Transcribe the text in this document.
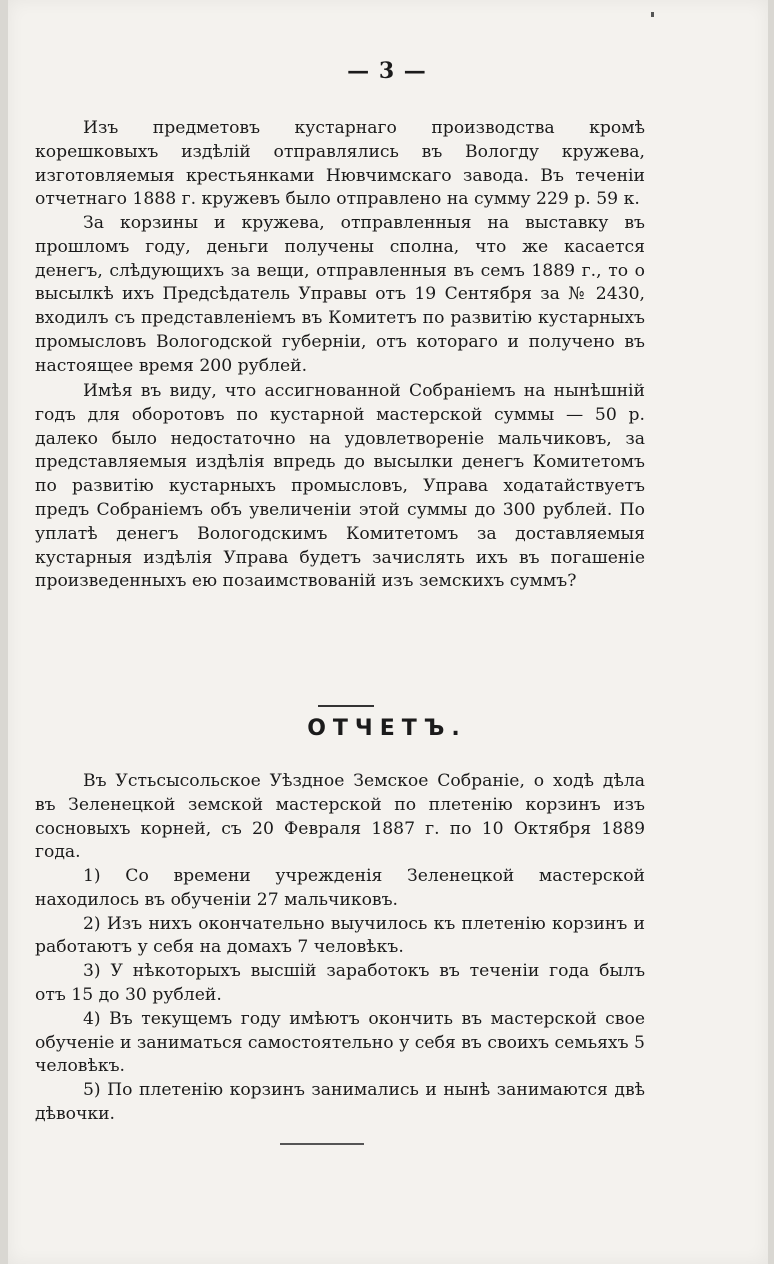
— 3 —

Изъ предметовъ кустарнаго производства кромѣ корешковыхъ издѣлій отправлялись въ Вологду кружева, изготовляемыя крестьянками Нювчимскаго завода. Въ теченіи отчетнаго 1888 г. кружевъ было отправлено на сумму 229 р. 59 к.

За корзины и кружева, отправленныя на выставку въ прошломъ году, деньги получены сполна, что же касается денегъ, слѣдующихъ за вещи, отправленныя въ семъ 1889 г., то о высылкѣ ихъ Предсѣдатель Управы отъ 19 Сентября за № 2430, входилъ съ представленіемъ въ Комитетъ по развитію кустарныхъ промысловъ Вологодской губерніи, отъ котораго и получено въ настоящее время 200 рублей.

Имѣя въ виду, что ассигнованной Собраніемъ на нынѣшній годъ для оборотовъ по кустарной мастерской суммы — 50 р. далеко было недостаточно на удовлетвореніе мальчиковъ, за представляемыя издѣлія впредь до высылки денегъ Комитетомъ по развитію кустарныхъ промысловъ, Управа ходатайствуетъ предъ Собраніемъ объ увеличеніи этой суммы до 300 рублей. По уплатѣ денегъ Вологодскимъ Комитетомъ за доставляемыя кустарныя издѣлія Управа будетъ зачислять ихъ въ погашеніе произведенныхъ ею позаимствованій изъ земскихъ суммъ?

ОТЧЕТЪ.

Въ Устьсысольское Уѣздное Земское Собраніе, о ходѣ дѣла въ Зеленецкой земской мастерской по плетенію корзинъ изъ сосновыхъ корней, съ 20 Февраля 1887 г. по 10 Октября 1889 года.

1) Со времени учрежденія Зеленецкой мастерской находилось въ обученіи 27 мальчиковъ.

2) Изъ нихъ окончательно выучилось къ плетенію корзинъ и работаютъ у себя на домахъ 7 человѣкъ.

3) У нѣкоторыхъ высшій заработокъ въ теченіи года былъ отъ 15 до 30 рублей.

4) Въ текущемъ году имѣютъ окончить въ мастерской свое обученіе и заниматься самостоятельно у себя въ своихъ семьяхъ 5 человѣкъ.

5) По плетенію корзинъ занимались и нынѣ занимаются двѣ дѣвочки.
